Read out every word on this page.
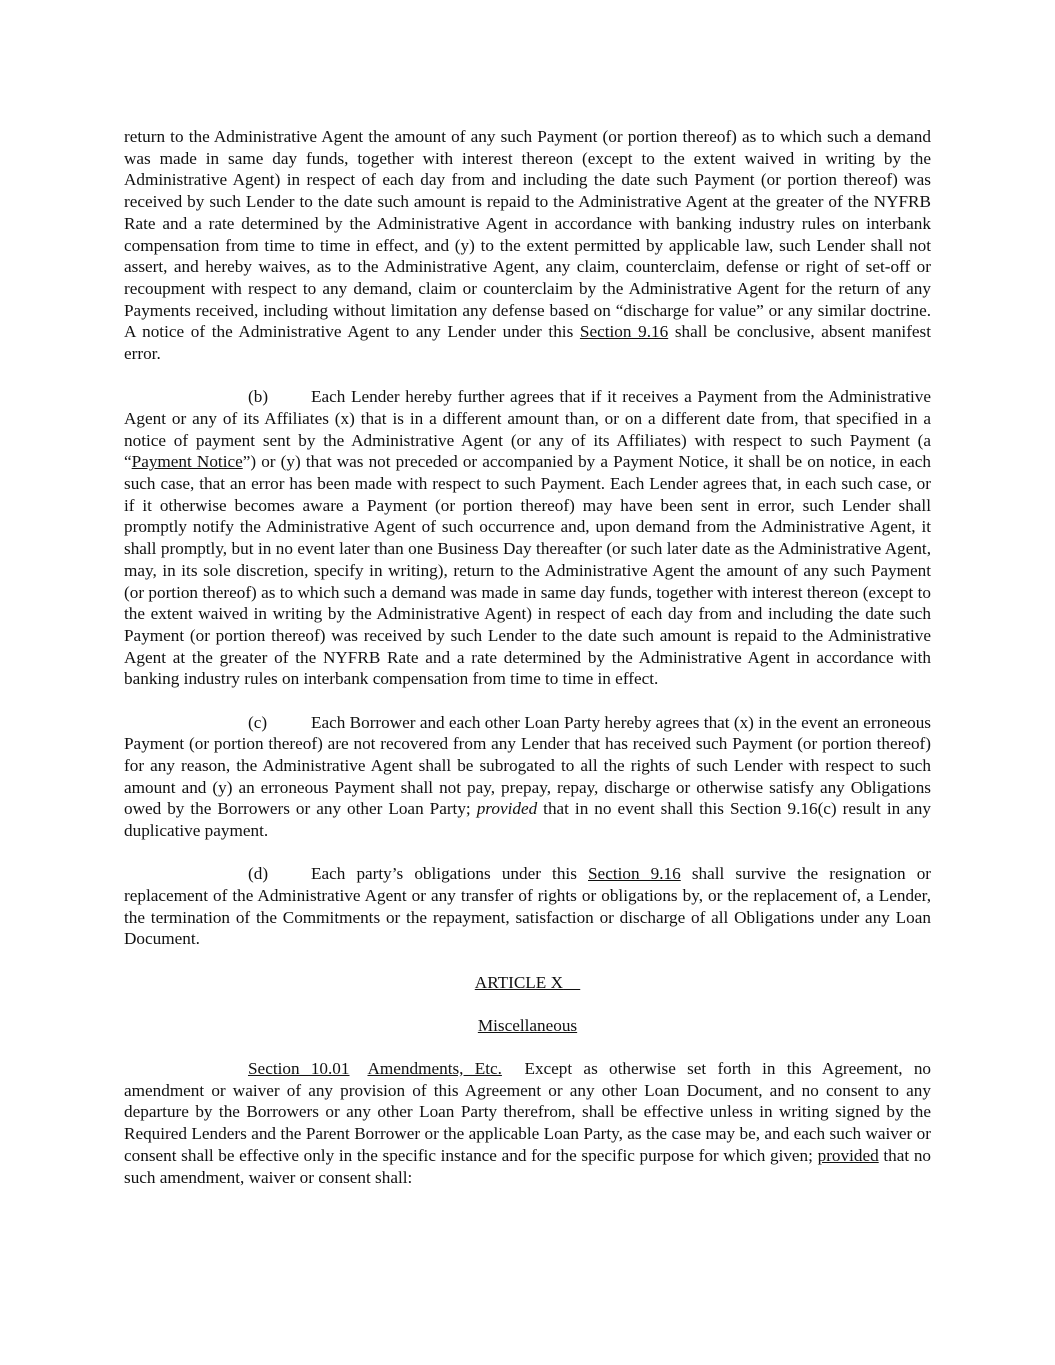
return to the Administrative Agent the amount of any such Payment (or portion thereof) as to which such a demand was made in same day funds, together with interest thereon (except to the extent waived in writing by the Administrative Agent) in respect of each day from and including the date such Payment (or portion thereof) was received by such Lender to the date such amount is repaid to the Administrative Agent at the greater of the NYFRB Rate and a rate determined by the Administrative Agent in accordance with banking industry rules on interbank compensation from time to time in effect, and (y) to the extent permitted by applicable law, such Lender shall not assert, and hereby waives, as to the Administrative Agent, any claim, counterclaim, defense or right of set-off or recoupment with respect to any demand, claim or counterclaim by the Administrative Agent for the return of any Payments received, including without limitation any defense based on “discharge for value” or any similar doctrine. A notice of the Administrative Agent to any Lender under this Section 9.16 shall be conclusive, absent manifest error.

(b) Each Lender hereby further agrees that if it receives a Payment from the Administrative Agent or any of its Affiliates (x) that is in a different amount than, or on a different date from, that specified in a notice of payment sent by the Administrative Agent (or any of its Affiliates) with respect to such Payment (a “Payment Notice”) or (y) that was not preceded or accompanied by a Payment Notice, it shall be on notice, in each such case, that an error has been made with respect to such Payment. Each Lender agrees that, in each such case, or if it otherwise becomes aware a Payment (or portion thereof) may have been sent in error, such Lender shall promptly notify the Administrative Agent of such occurrence and, upon demand from the Administrative Agent, it shall promptly, but in no event later than one Business Day thereafter (or such later date as the Administrative Agent, may, in its sole discretion, specify in writing), return to the Administrative Agent the amount of any such Payment (or portion thereof) as to which such a demand was made in same day funds, together with interest thereon (except to the extent waived in writing by the Administrative Agent) in respect of each day from and including the date such Payment (or portion thereof) was received by such Lender to the date such amount is repaid to the Administrative Agent at the greater of the NYFRB Rate and a rate determined by the Administrative Agent in accordance with banking industry rules on interbank compensation from time to time in effect.

(c)	Each Borrower and each other Loan Party hereby agrees that (x) in the event an erroneous Payment (or portion thereof) are not recovered from any Lender that has received such Payment (or portion thereof) for any reason, the Administrative Agent shall be subrogated to all the rights of such Lender with respect to such amount and (y) an erroneous Payment shall not pay, prepay, repay, discharge or otherwise satisfy any Obligations owed by the Borrowers or any other Loan Party; provided that in no event shall this Section 9.16(c) result in any duplicative payment.

(d) Each party’s obligations under this Section 9.16 shall survive the resignation or replacement of the Administrative Agent or any transfer of rights or obligations by, or the replacement of, a Lender, the termination of the Commitments or the repayment, satisfaction or discharge of all Obligations under any Loan Document.

ARTICLE X

Miscellaneous

Section 10.01 Amendments, Etc. Except as otherwise set forth in this Agreement, no amendment or waiver of any provision of this Agreement or any other Loan Document, and no consent to any departure by the Borrowers or any other Loan Party therefrom, shall be effective unless in writing signed by the Required Lenders and the Parent Borrower or the applicable Loan Party, as the case may be, and each such waiver or consent shall be effective only in the specific instance and for the specific purpose for which given; provided that no such amendment, waiver or consent shall:
